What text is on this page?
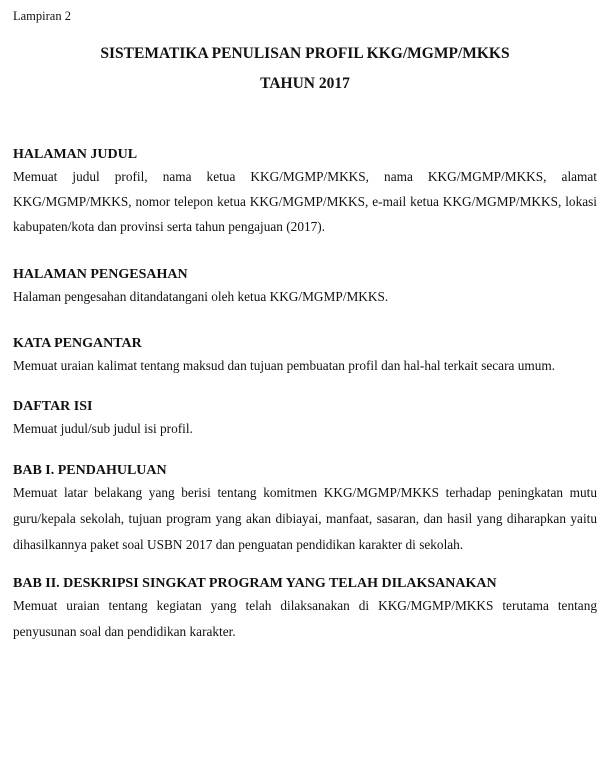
Lampiran 2

SISTEMATIKA PENULISAN PROFIL KKG/MGMP/MKKS
TAHUN 2017

HALAMAN JUDUL

Memuat judul profil, nama ketua KKG/MGMP/MKKS, nama KKG/MGMP/MKKS, alamat KKG/MGMP/MKKS, nomor telepon ketua KKG/MGMP/MKKS, e-mail ketua KKG/MGMP/MKKS, lokasi kabupaten/kota dan provinsi serta tahun pengajuan (2017).

HALAMAN PENGESAHAN

Halaman pengesahan ditandatangani oleh ketua KKG/MGMP/MKKS.

KATA PENGANTAR

Memuat uraian kalimat tentang maksud dan tujuan pembuatan profil dan hal-hal terkait secara umum.

DAFTAR ISI

Memuat judul/sub judul isi profil.

BAB I. PENDAHULUAN

Memuat latar belakang yang berisi tentang komitmen KKG/MGMP/MKKS terhadap peningkatan mutu guru/kepala sekolah, tujuan program yang akan dibiayai, manfaat, sasaran, dan hasil yang diharapkan yaitu dihasilkannya paket soal USBN 2017 dan penguatan pendidikan karakter di sekolah.

BAB II. DESKRIPSI SINGKAT PROGRAM YANG TELAH DILAKSANAKAN

Memuat uraian tentang kegiatan yang telah dilaksanakan di KKG/MGMP/MKKS terutama tentang penyusunan soal dan pendidikan karakter.
